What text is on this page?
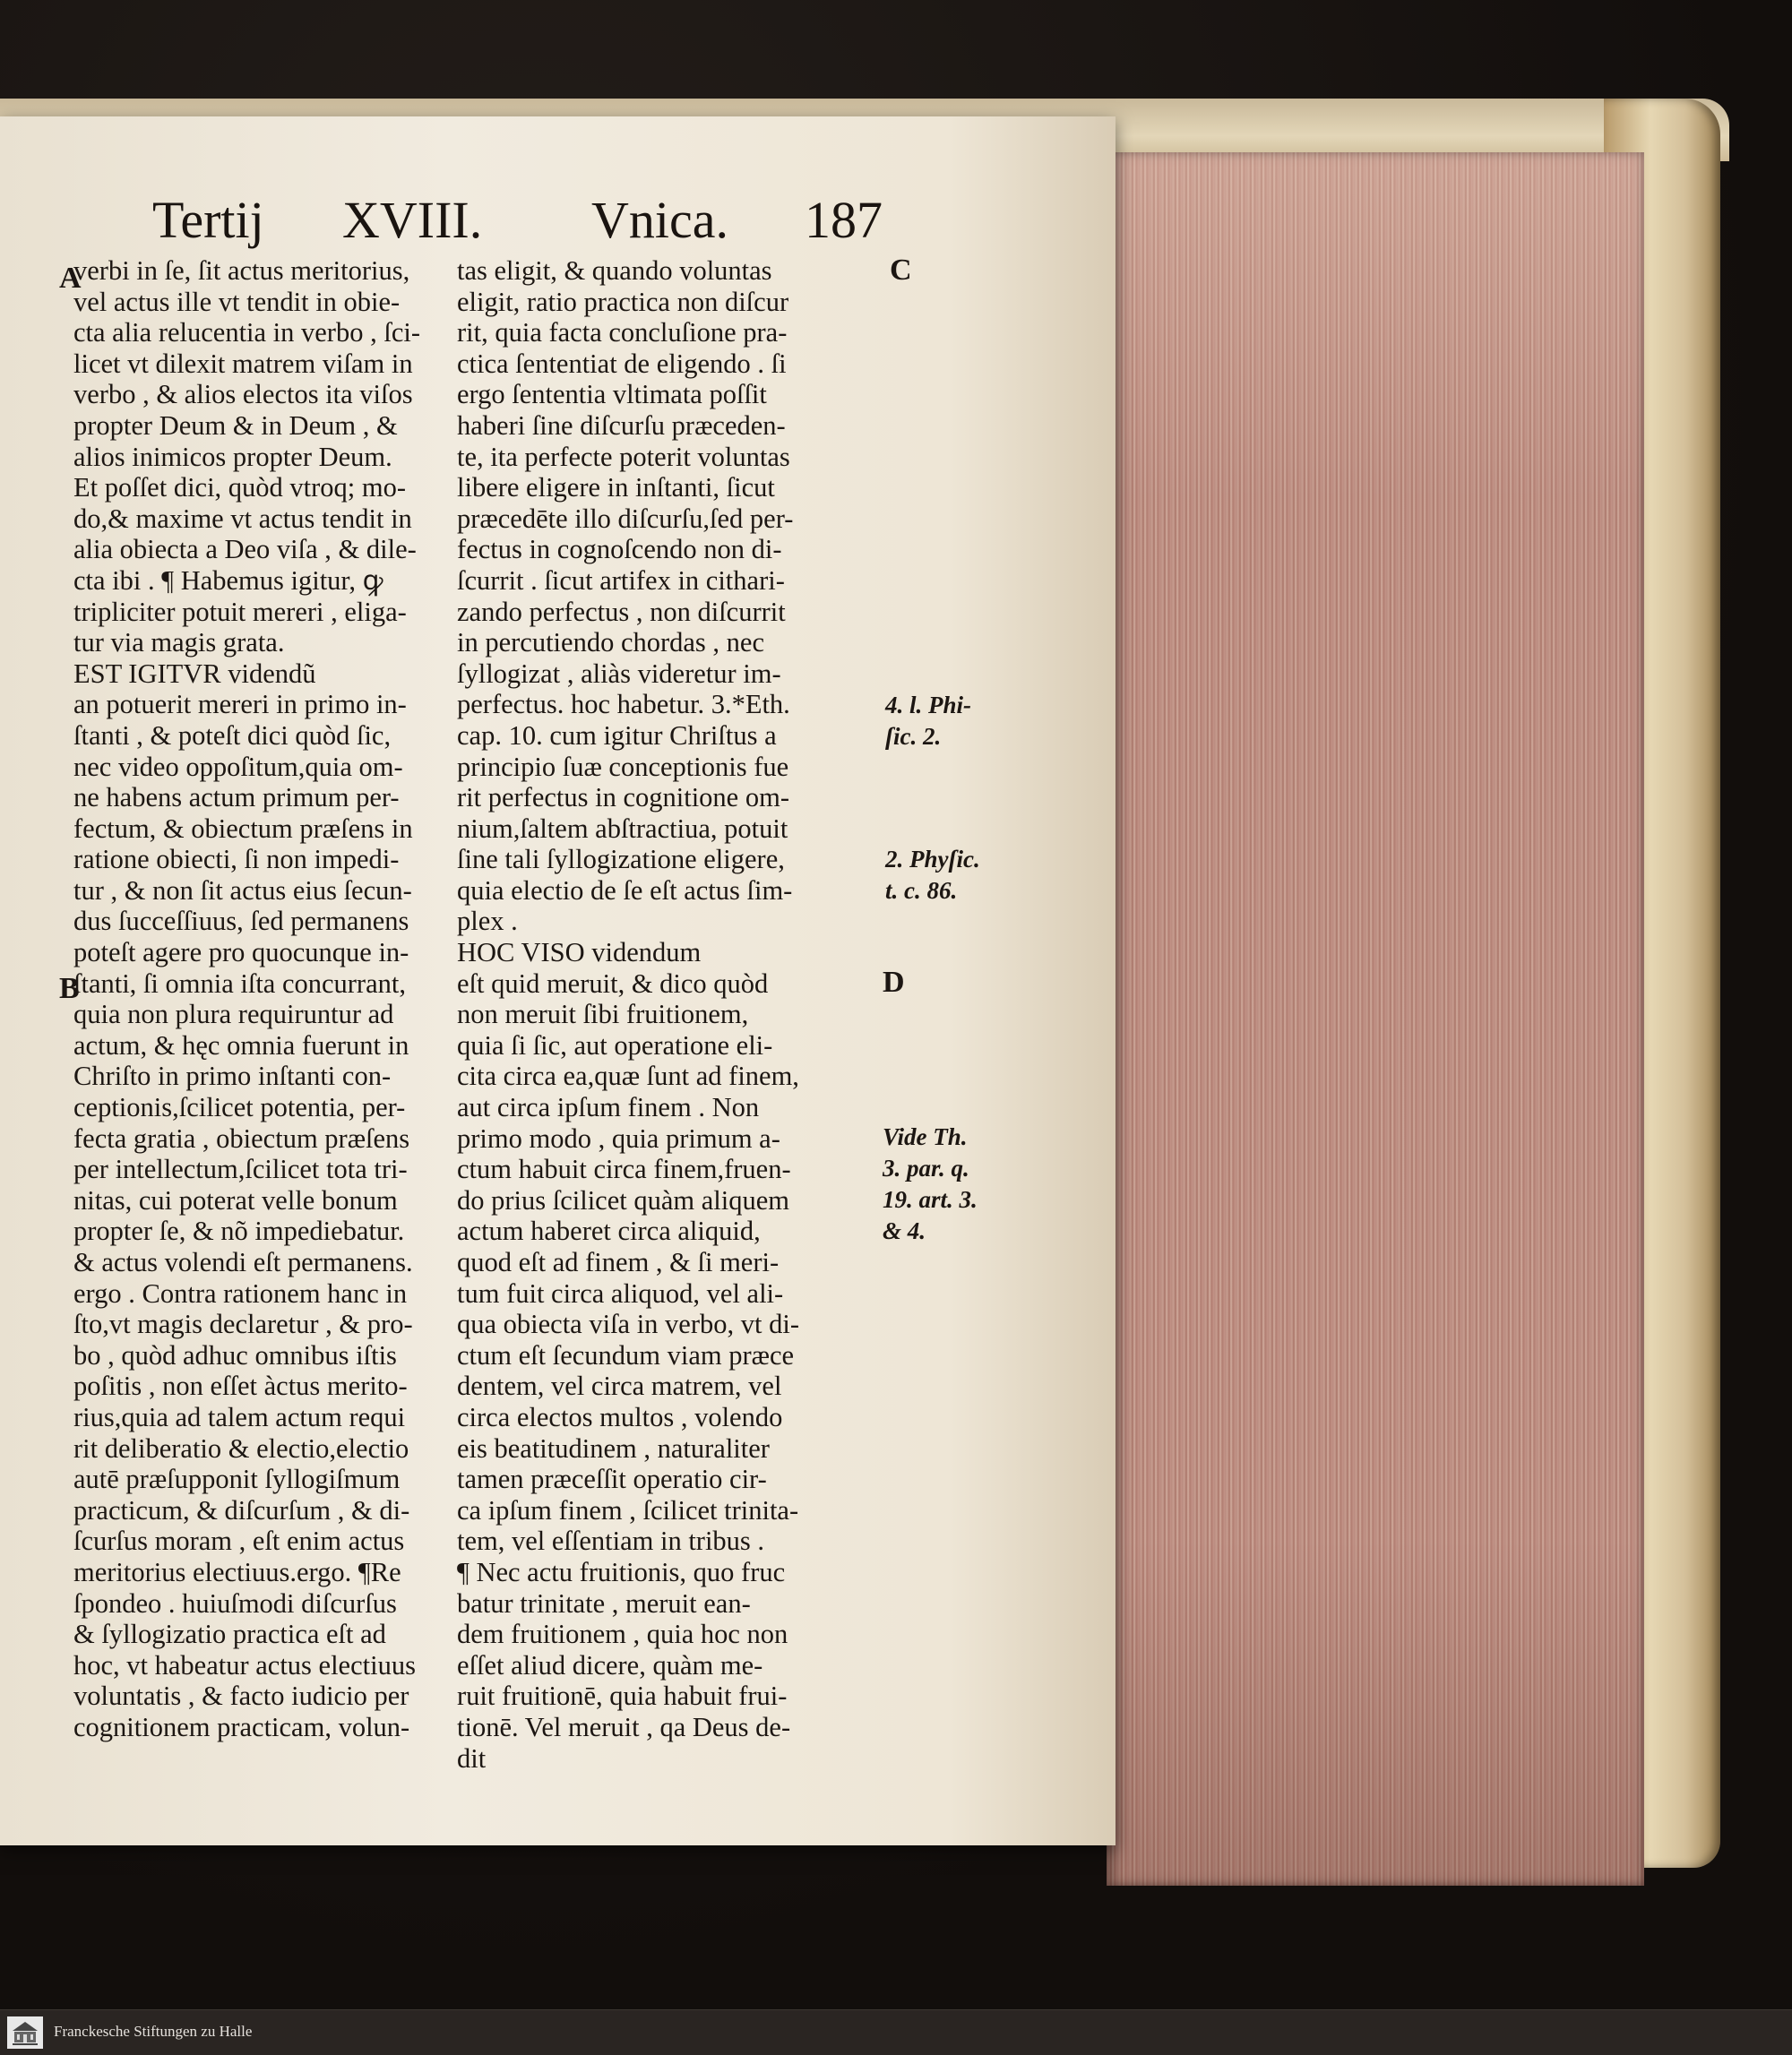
Tertij XVIII. Vnica. 187
verbi in ſe, ſit actus meritorius,
vel actus ille vt tendit in obie-
cta alia relucentia in verbo , ſci-
licet vt dilexit matrem viſam in
verbo , & alios electos ita viſos
propter Deum & in Deum , &
alios inimicos propter Deum.
Et poſſet dici, quòd vtroq; mo-
do,& maxime vt actus tendit in
alia obiecta a Deo viſa , & dile-
cta ibi . ¶ Habemus igitur, ꝙ
tripliciter potuit mereri , eliga-
tur via magis grata.
EST IGITVR videndũ
an potuerit mereri in primo in-
ſtanti , & poteſt dici quòd ſic,
nec video oppoſitum,quia om-
ne habens actum primum per-
fectum, & obiectum præſens in
ratione obiecti, ſi non impedi-
tur , & non ſit actus eius ſecun-
dus ſucceſſiuus, ſed permanens
poteſt agere pro quocunque in-
ſtanti, ſi omnia iſta concurrant,
quia non plura requiruntur ad
actum, & hęc omnia fuerunt in
Chriſto in primo inſtanti con-
ceptionis,ſcilicet potentia, per-
fecta gratia , obiectum præſens
per intellectum,ſcilicet tota tri-
nitas, cui poterat velle bonum
propter ſe, & nõ impediebatur.
& actus volendi eſt permanens.
ergo . Contra rationem hanc in
ſto,vt magis declaretur , & pro-
bo , quòd adhuc omnibus iſtis
poſitis , non eſſet àctus merito-
rius,quia ad talem actum requi
rit deliberatio & electio,electio
autē præſupponit ſyllogiſmum
practicum, & diſcurſum , & di-
ſcurſus moram , eſt enim actus
meritorius electiuus.ergo. ¶Re
ſpondeo . huiuſmodi diſcurſus
& ſyllogizatio practica eſt ad
hoc, vt habeatur actus electiuus
voluntatis , & facto iudicio per
cognitionem practicam, volun-
tas eligit, & quando voluntas
eligit, ratio practica non diſcur
rit, quia facta concluſione pra-
ctica ſententiat de eligendo . ſi
ergo ſententia vltimata poſſit
haberi ſine diſcurſu præceden-
te, ita perfecte poterit voluntas
libere eligere in inſtanti, ſicut
præcedēte illo diſcurſu,ſed per-
fectus in cognoſcendo non di-
ſcurrit . ſicut artifex in cithari-
zando perfectus , non diſcurrit
in percutiendo chordas , nec
ſyllogizat , aliàs videretur im-
perfectus. hoc habetur. 3.*Eth.
cap. 10. cum igitur Chriſtus a
principio ſuæ conceptionis fue
rit perfectus in cognitione om-
nium,ſaltem abſtractiua, potuit
ſine tali ſyllogizatione eligere,
quia electio de ſe eſt actus ſim-
plex .
HOC VISO videndum
eſt quid meruit, & dico quòd
non meruit ſibi fruitionem,
quia ſi ſic, aut operatione eli-
cita circa ea,quæ ſunt ad finem,
aut circa ipſum finem . Non
primo modo , quia primum a-
ctum habuit circa finem,fruen-
do prius ſcilicet quàm aliquem
actum haberet circa aliquid,
quod eſt ad finem , & ſi meri-
tum fuit circa aliquod, vel ali-
qua obiecta viſa in verbo, vt di-
ctum eſt ſecundum viam præce
dentem, vel circa matrem, vel
circa electos multos , volendo
eis beatitudinem , naturaliter
tamen præceſſit operatio cir-
ca ipſum finem , ſcilicet trinita-
tem, vel eſſentiam in tribus .
¶ Nec actu fruitionis, quo fruc
batur trinitate , meruit ean-
dem fruitionem , quia hoc non
eſſet aliud dicere, quàm me-
ruit fruitionē, quia habuit frui-
tionē. Vel meruit , qa Deus de-
dit
A
B
C
D
4. l. Phi-
ſic. 2.
2. Phyſic.
t. c. 86.
Vide Th.
3. par. q.
19. art. 3.
& 4.
Franckesche Stiftungen zu Halle
